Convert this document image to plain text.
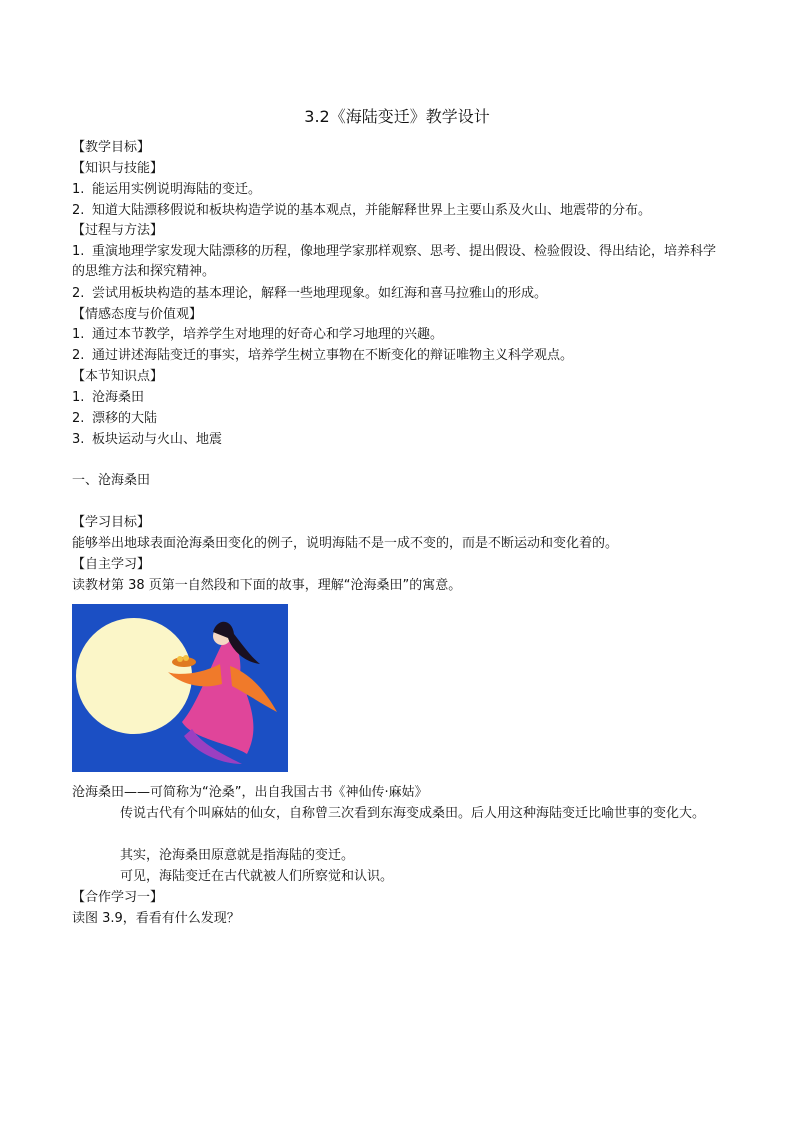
3.2《海陆变迁》教学设计
【教学目标】
【知识与技能】
1. 能运用实例说明海陆的变迁。
2. 知道大陆漂移假说和板块构造学说的基本观点，并能解释世界上主要山系及火山、地震带的分布。
【过程与方法】
1. 重演地理学家发现大陆漂移的历程，像地理学家那样观察、思考、提出假设、检验假设、得出结论，培养科学的思维方法和探究精神。
2. 尝试用板块构造的基本理论，解释一些地理现象。如红海和喜马拉雅山的形成。
【情感态度与价值观】
1. 通过本节教学，培养学生对地理的好奇心和学习地理的兴趣。
2. 通过讲述海陆变迁的事实，培养学生树立事物在不断变化的辩证唯物主义科学观点。
【本节知识点】
1. 沧海桑田
2. 漂移的大陆
3. 板块运动与火山、地震
一、沧海桑田
【学习目标】
能够举出地球表面沧海桑田变化的例子，说明海陆不是一成不变的，而是不断运动和变化着的。
【自主学习】
读教材第 38 页第一自然段和下面的故事，理解“沧海桑田”的寓意。
沧海桑田——可简称为“沧桑”，出自我国古书《神仙传·麻姑》
传说古代有个叫麻姑的仙女，自称曾三次看到东海变成桑田。后人用这种海陆变迁比喻世事的变化大。
其实，沧海桑田原意就是指海陆的变迁。
可见，海陆变迁在古代就被人们所察觉和认识。
【合作学习一】
读图 3.9，看看有什么发现？
